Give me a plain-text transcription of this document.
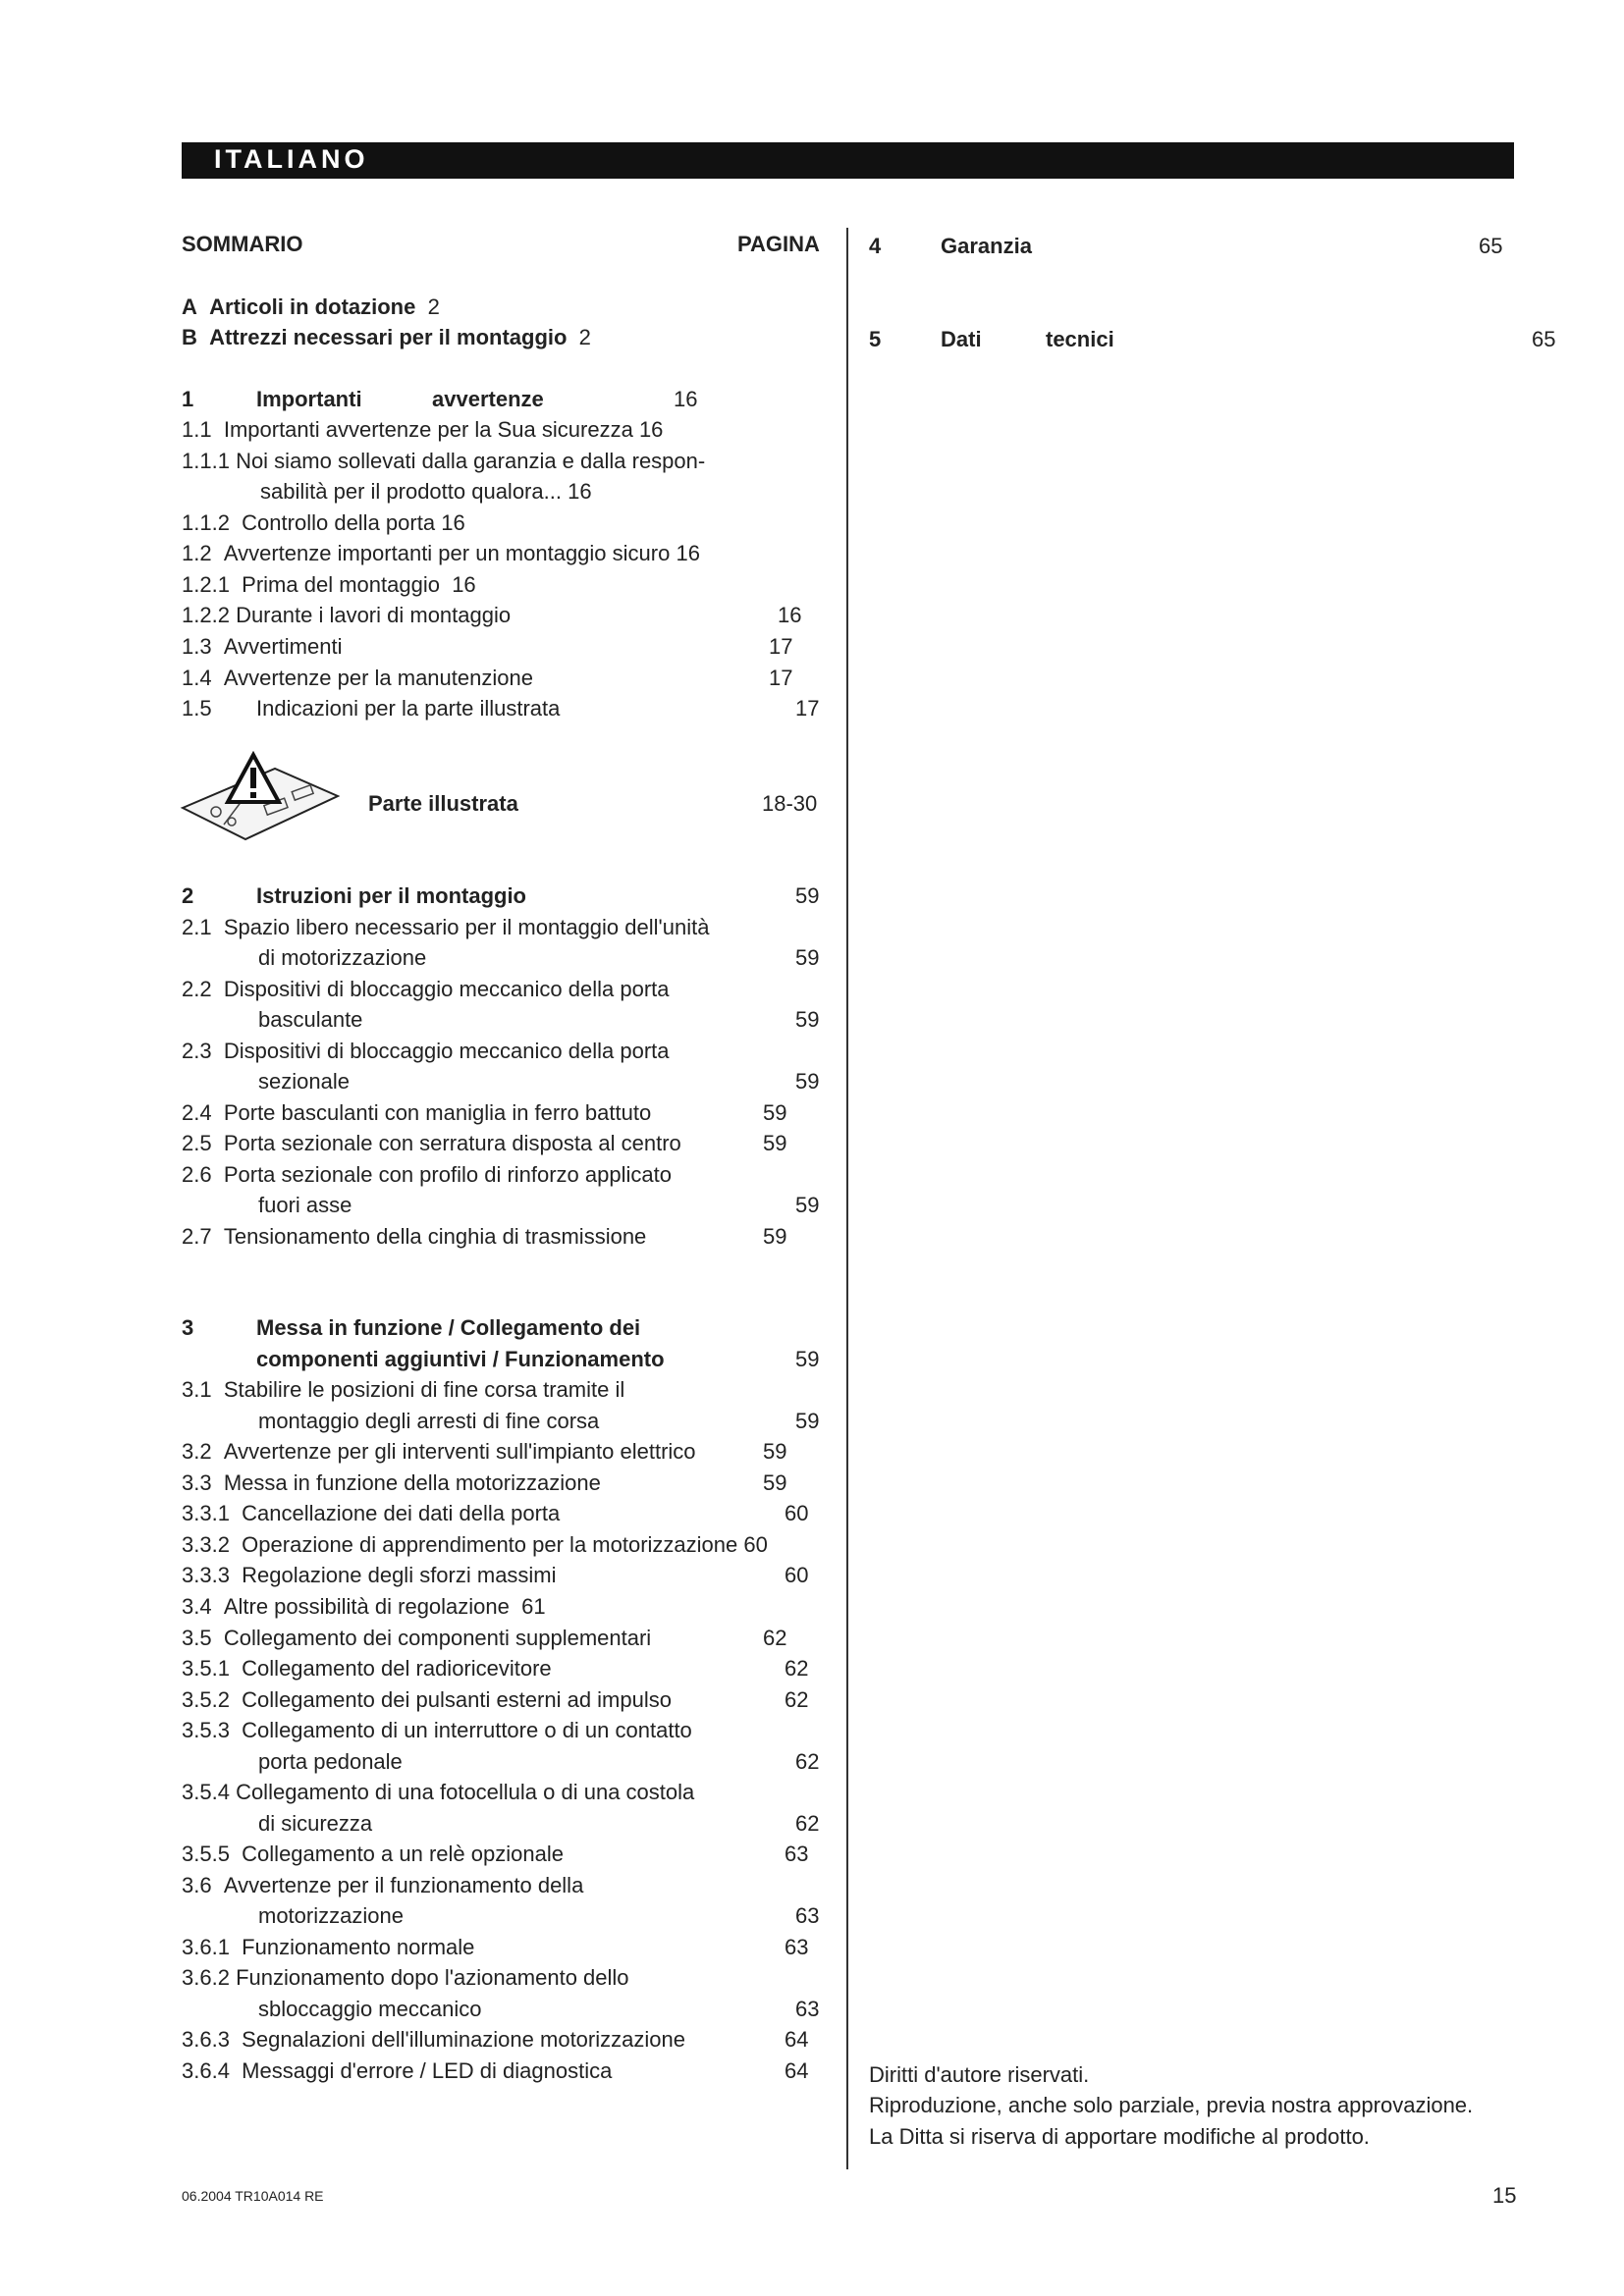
ITALIANO
SOMMARIO	PAGINA
A Articoli in dotazione 2
B Attrezzi necessari per il montaggio 2
1	Importanti	avvertenze	16
1.1 Importanti avvertenze per la Sua sicurezza 16
1.1.1 Noi siamo sollevati dalla garanzia e dalla respon-
sabilità per il prodotto qualora... 16
1.1.2 Controllo della porta 16
1.2 Avvertenze importanti per un montaggio sicuro 16
1.2.1 Prima del montaggio 16
1.2.2 Durante i lavori di montaggio	16
1.3 Avvertimenti	17
1.4 Avvertenze per la manutenzione	17
1.5 Indicazioni per la parte illustrata	17
Parte illustrata	18-30
2	Istruzioni per il montaggio	59
2.1 Spazio libero necessario per il montaggio dell'unità
di motorizzazione	59
2.2 Dispositivi di bloccaggio meccanico della porta
basculante	59
2.3 Dispositivi di bloccaggio meccanico della porta
sezionale	59
2.4 Porte basculanti con maniglia in ferro battuto	59
2.5 Porta sezionale con serratura disposta al centro	59
2.6 Porta sezionale con profilo di rinforzo applicato
fuori asse	59
2.7 Tensionamento della cinghia di trasmissione	59
3	Messa in funzione / Collegamento dei
componenti aggiuntivi / Funzionamento	59
3.1 Stabilire le posizioni di fine corsa tramite il
montaggio degli arresti di fine corsa	59
3.2 Avvertenze per gli interventi sull'impianto elettrico	59
3.3 Messa in funzione della motorizzazione	59
3.3.1 Cancellazione dei dati della porta	60
3.3.2 Operazione di apprendimento per la motorizzazione 60
3.3.3 Regolazione degli sforzi massimi	60
3.4 Altre possibilità di regolazione 61
3.5 Collegamento dei componenti supplementari	62
3.5.1 Collegamento del radioricevitore	62
3.5.2 Collegamento dei pulsanti esterni ad impulso	62
3.5.3 Collegamento di un interruttore o di un contatto
porta pedonale	62
3.5.4 Collegamento di una fotocellula o di una costola
di sicurezza	62
3.5.5 Collegamento a un relè opzionale	63
3.6 Avvertenze per il funzionamento della
motorizzazione	63
3.6.1 Funzionamento normale	63
3.6.2 Funzionamento dopo l'azionamento dello
sbloccaggio meccanico	63
3.6.3 Segnalazioni dell'illuminazione motorizzazione	64
3.6.4 Messaggi d'errore / LED di diagnostica	64
4	Garanzia	65
5	Dati	tecnici	65
Diritti d'autore riservati.
Riproduzione, anche solo parziale, previa nostra approvazione.
La Ditta si riserva di apportare modifiche al prodotto.
06.2004 TR10A014 RE	15
